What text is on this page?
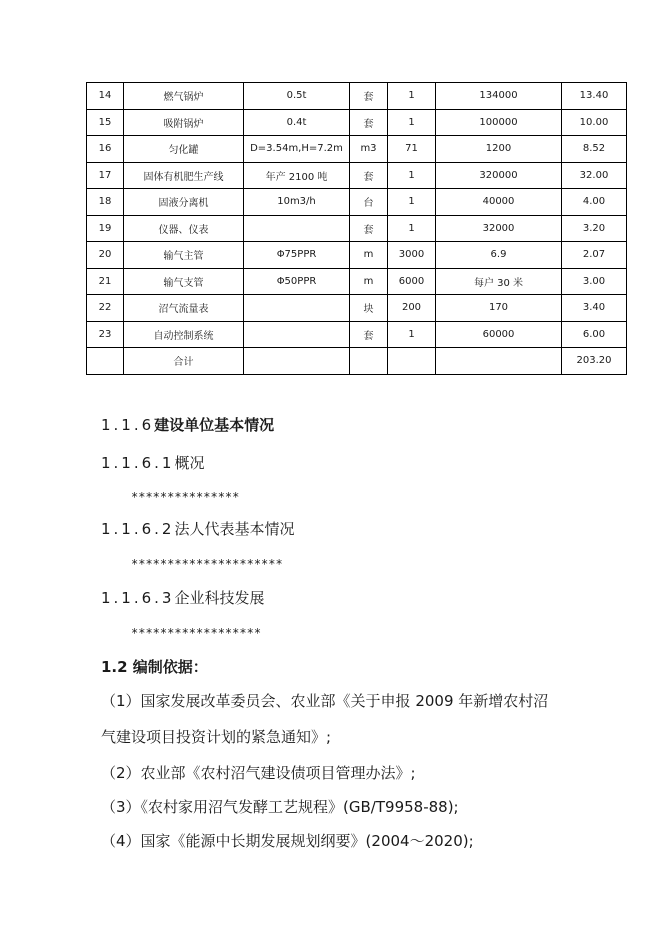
14	燃气锅炉	0.5t	套	1	134000	13.40
15	吸附锅炉	0.4t	套	1	100000	10.00
16	匀化罐	D=3.54m,H=7.2m	m3	71	1200	8.52
17	固体有机肥生产线	年产 2100 吨	套	1	320000	32.00
18	固液分离机	10m3/h	台	1	40000	4.00
19	仪器、仪表		套	1	32000	3.20
20	输气主管	Φ75PPR	m	3000	6.9	2.07
21	输气支管	Φ50PPR	m	6000	每户 30 米	3.00
22	沼气流量表		块	200	170	3.40
23	自动控制系统		套	1	60000	6.00
	合计					203.20
1.1.6建设单位基本情况
1.1.6.1概况
***************
1.1.6.2法人代表基本情况
*********************
1.1.6.3企业科技发展
******************
1.2 编制依据：
（1）国家发展改革委员会、农业部《关于申报 2009 年新增农村沼
气建设项目投资计划的紧急通知》;
（2）农业部《农村沼气建设债项目管理办法》;
（3）《农村家用沼气发酵工艺规程》(GB/T9958-88);
（4）国家《能源中长期发展规划纲要》(2004～2020);
